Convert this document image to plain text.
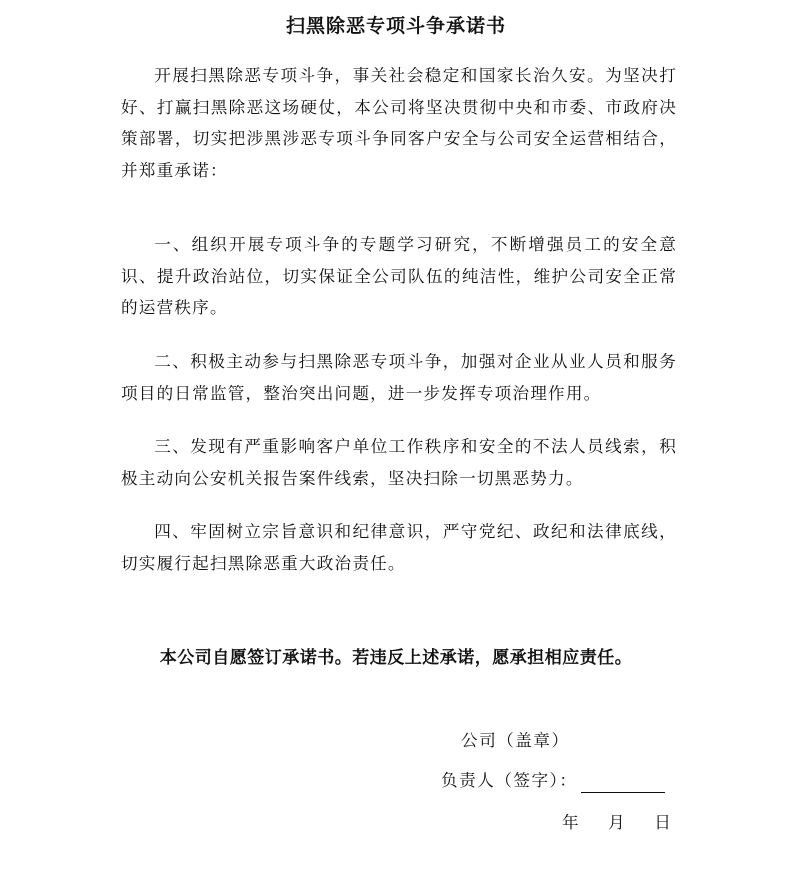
扫黑除恶专项斗争承诺书
开展扫黑除恶专项斗争，事关社会稳定和国家长治久安。为坚决打好、打赢扫黑除恶这场硬仗，本公司将坚决贯彻中央和市委、市政府决策部署，切实把涉黑涉恶专项斗争同客户安全与公司安全运营相结合，并郑重承诺：
一、组织开展专项斗争的专题学习研究，不断增强员工的安全意识、提升政治站位，切实保证全公司队伍的纯洁性，维护公司安全正常的运营秩序。
二、积极主动参与扫黑除恶专项斗争，加强对企业从业人员和服务项目的日常监管，整治突出问题，进一步发挥专项治理作用。
三、发现有严重影响客户单位工作秩序和安全的不法人员线索，积极主动向公安机关报告案件线索，坚决扫除一切黑恶势力。
四、牢固树立宗旨意识和纪律意识，严守党纪、政纪和法律底线，切实履行起扫黑除恶重大政治责任。
本公司自愿签订承诺书。若违反上述承诺，愿承担相应责任。
公司（盖章）
负责人（签字）：
年 月 日
